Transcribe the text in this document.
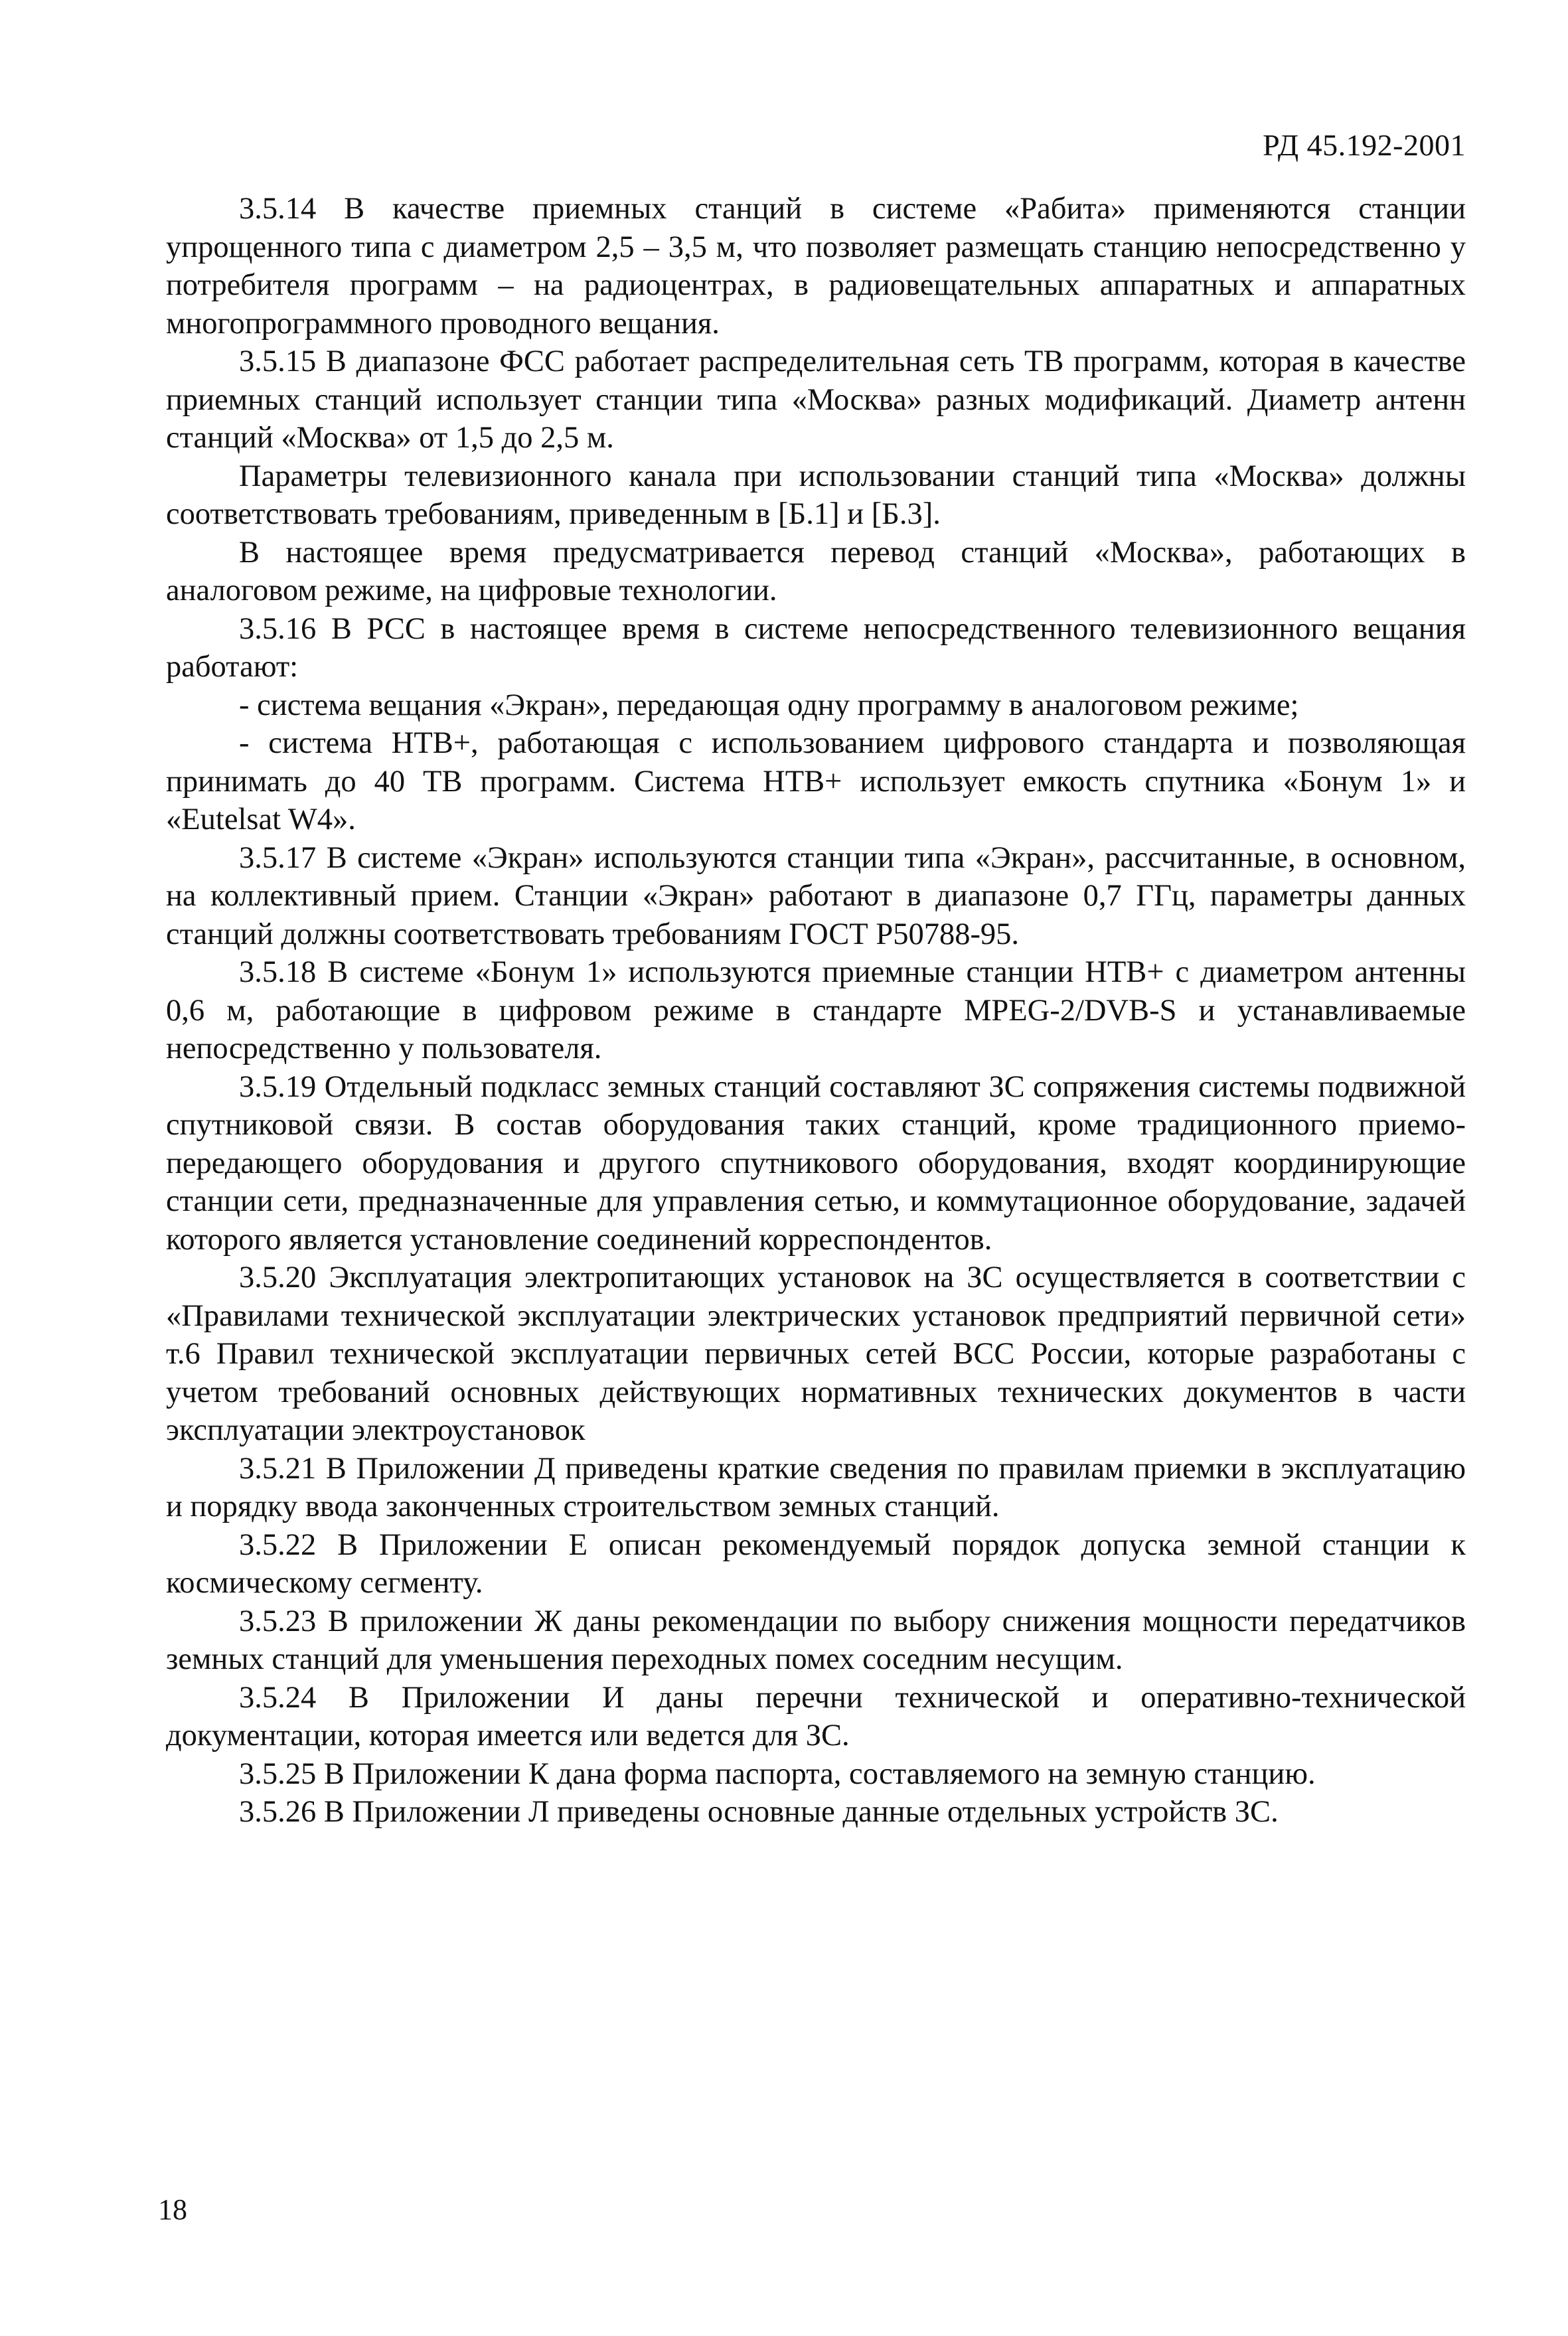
РД 45.192-2001

3.5.14 В качестве приемных станций в системе «Рабита» применяются станции упрощенного типа с диаметром 2,5 – 3,5 м, что позволяет размещать станцию непосредственно у потребителя программ – на радиоцентрах, в радиовещательных аппаратных и аппаратных многопрограммного проводного вещания.

3.5.15 В диапазоне ФСС работает распределительная сеть ТВ программ, которая в качестве приемных станций использует станции типа «Москва» разных модификаций. Диаметр антенн станций «Москва» от 1,5 до 2,5 м.

Параметры телевизионного канала при использовании станций типа «Москва» должны соответствовать требованиям, приведенным в [Б.1] и [Б.3].

В настоящее время предусматривается перевод станций «Москва», работающих в аналоговом режиме, на цифровые технологии.

3.5.16 В РСС в настоящее время в системе непосредственного телевизионного вещания работают:

- система вещания «Экран», передающая одну программу в аналоговом режиме;

- система НТВ+, работающая с использованием цифрового стандарта и позволяющая принимать до 40 ТВ программ. Система НТВ+ использует емкость спутника «Бонум 1» и «Eutelsat W4».

3.5.17 В системе «Экран» используются станции типа «Экран», рассчитанные, в основном, на коллективный прием. Станции «Экран» работают в диапазоне 0,7 ГГц, параметры данных станций должны соответствовать требованиям ГОСТ Р50788-95.

3.5.18 В системе «Бонум 1» используются приемные станции НТВ+ с диаметром антенны 0,6 м, работающие в цифровом режиме в стандарте MPEG-2/DVB-S и устанавливаемые непосредственно у пользователя.

3.5.19 Отдельный подкласс земных станций составляют ЗС сопряжения системы подвижной спутниковой связи. В состав оборудования таких станций, кроме традиционного приемо-передающего оборудования и другого спутникового оборудования, входят координирующие станции сети, предназначенные для управления сетью, и коммутационное оборудование, задачей которого является установление соединений корреспондентов.

3.5.20 Эксплуатация электропитающих установок на ЗС осуществляется в соответствии с «Правилами технической эксплуатации электрических установок предприятий первичной сети» т.6 Правил технической эксплуатации первичных сетей ВСС России, которые разработаны с учетом требований основных действующих нормативных технических документов в части эксплуатации электроустановок

3.5.21 В Приложении Д приведены краткие сведения по правилам приемки в эксплуатацию и порядку ввода законченных строительством земных станций.

3.5.22 В Приложении Е описан рекомендуемый порядок допуска земной станции к космическому сегменту.

3.5.23 В приложении Ж даны рекомендации по выбору снижения мощности передатчиков земных станций для уменьшения переходных помех соседним несущим.

3.5.24 В Приложении И даны перечни технической и оперативно-технической документации, которая имеется или ведется для ЗС.

3.5.25 В Приложении К дана форма паспорта, составляемого на земную станцию.

3.5.26 В Приложении Л приведены основные данные отдельных устройств ЗС.

18
